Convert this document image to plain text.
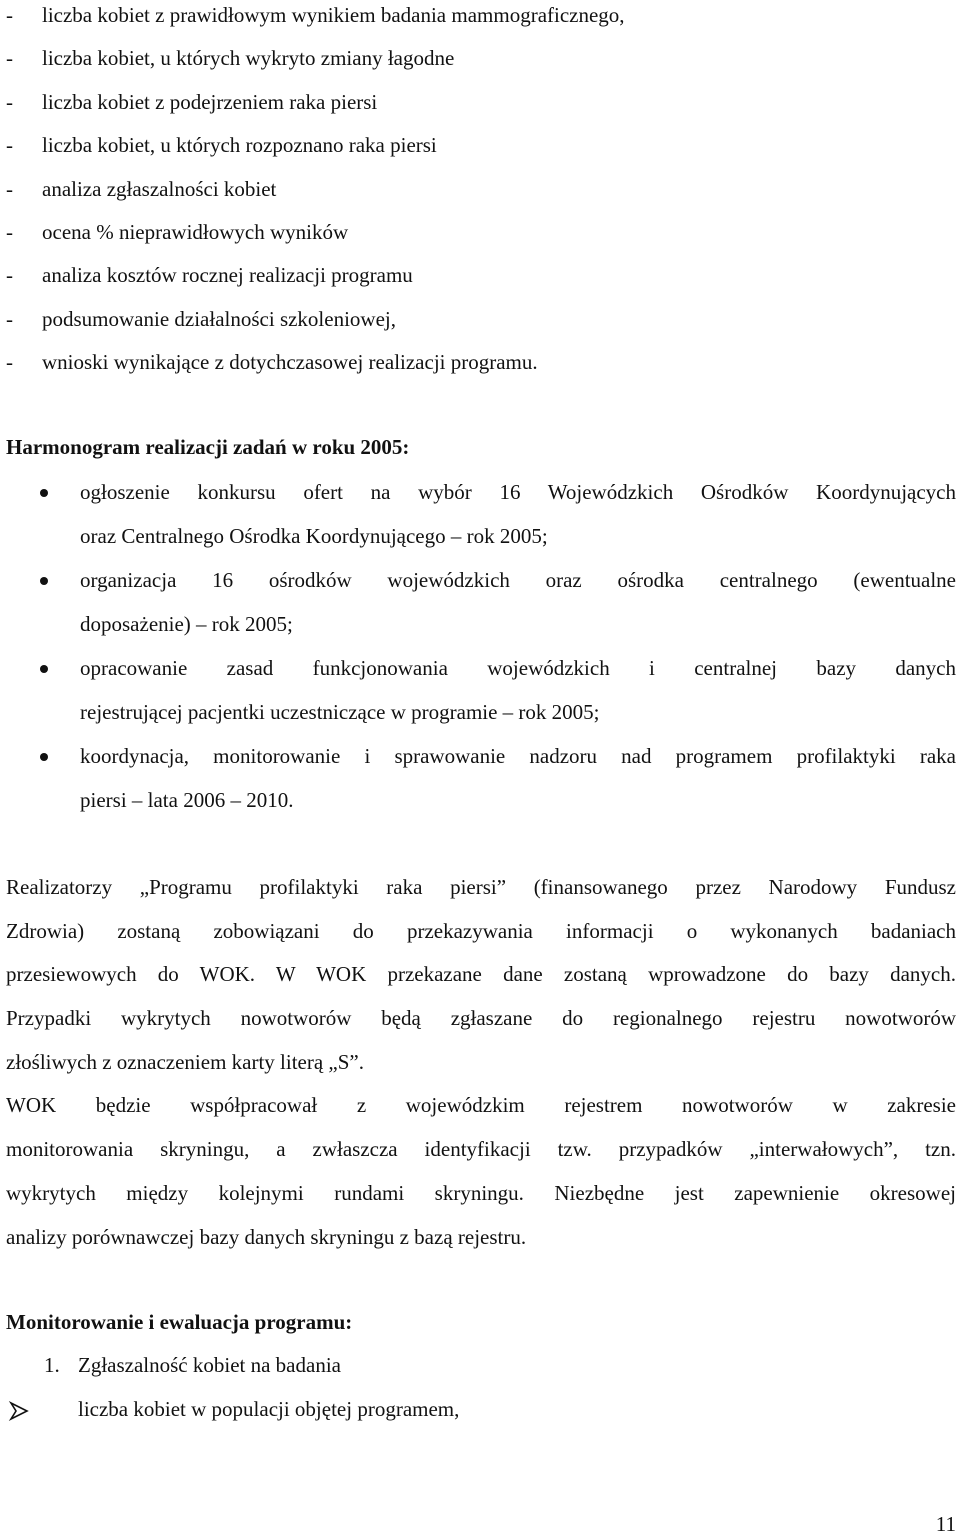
- liczba kobiet z prawidłowym wynikiem badania mammograficznego,
- liczba kobiet, u których wykryto zmiany łagodne
- liczba kobiet z podejrzeniem raka piersi
- liczba kobiet, u których rozpoznano raka piersi
- analiza zgłaszalności kobiet
- ocena % nieprawidłowych wyników
- analiza kosztów rocznej realizacji programu
- podsumowanie działalności szkoleniowej,
- wnioski wynikające z dotychczasowej realizacji programu.
Harmonogram realizacji zadań w roku 2005:
ogłoszenie konkursu ofert na wybór 16 Wojewódzkich Ośrodków Koordynujących
oraz Centralnego Ośrodka Koordynującego – rok 2005;
organizacja 16 ośrodków wojewódzkich oraz ośrodka centralnego (ewentualne
doposażenie) – rok 2005;
opracowanie zasad funkcjonowania wojewódzkich i centralnej bazy danych
rejestrującej pacjentki uczestniczące w programie – rok 2005;
koordynacja, monitorowanie i sprawowanie nadzoru nad programem profilaktyki raka
piersi – lata 2006 – 2010.
Realizatorzy „Programu profilaktyki raka piersi” (finansowanego przez Narodowy Fundusz
Zdrowia) zostaną zobowiązani do przekazywania informacji o wykonanych badaniach
przesiewowych do WOK. W WOK przekazane dane zostaną wprowadzone do bazy danych.
Przypadki wykrytych nowotworów będą zgłaszane do regionalnego rejestru nowotworów
złośliwych z oznaczeniem karty literą „S”.
WOK będzie współpracował z wojewódzkim rejestrem nowotworów w zakresie
monitorowania skryningu, a zwłaszcza identyfikacji tzw. przypadków „interwałowych”, tzn.
wykrytych między kolejnymi rundami skryningu. Niezbędne jest zapewnienie okresowej
analizy porównawczej bazy danych skryningu z bazą rejestru.
Monitorowanie i ewaluacja programu:
1. Zgłaszalność kobiet na badania
liczba kobiet w populacji objętej programem,
11
